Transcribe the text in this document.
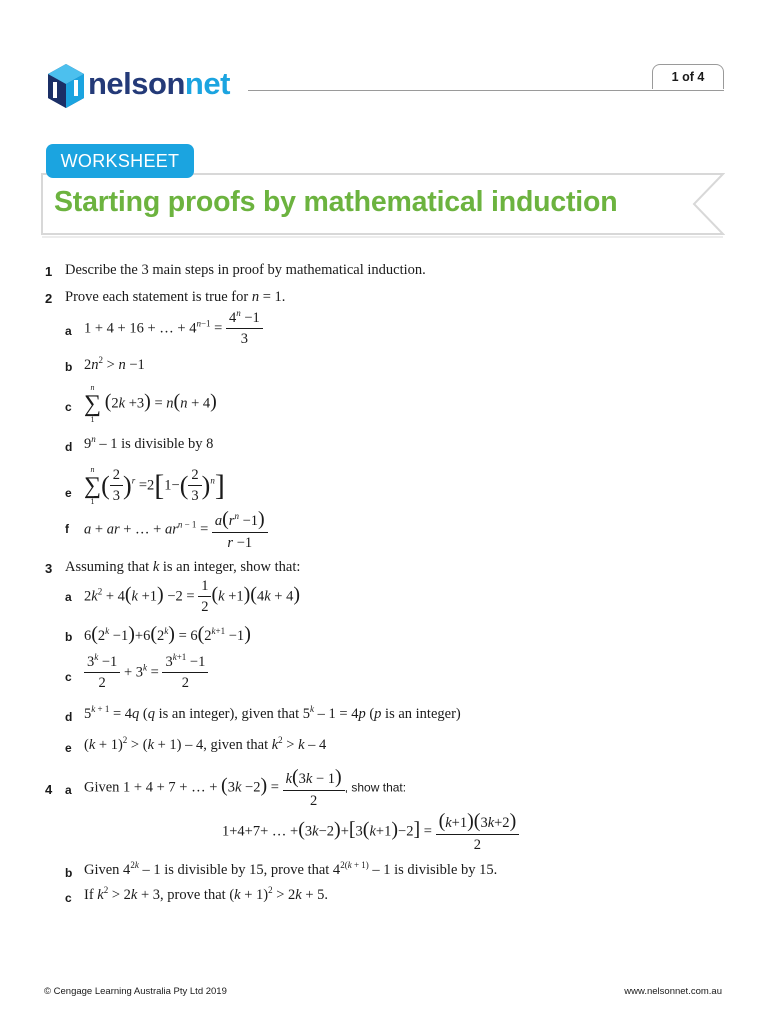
nelsonnet	1 of 4
WORKSHEET
Starting proofs by mathematical induction
1 Describe the 3 main steps in proof by mathematical induction.
2 Prove each statement is true for n = 1.
a 1 + 4 + 16 + … + $4^{n-1} = \frac{4^n -1}{3}$
b $2n^2 > n -1$
c
n
∑
1
(2k +3) = n(n + 4)
d 9$^n$ – 1 is divisible by 8
e
n
∑
1
( $\frac{2}{3} )^r =2[1-( \frac{2}{3} )^n]$
f a + ar + … + $ar^{n - 1} = \frac{a(r^n -1)}{r -1}$
3 Assuming that k is an integer, show that:
a $2k^2 + 4(k +1) -2 = \frac{1}{2} (k +1)(4k + 4)$
b $6(2^k -1)+6(2^k) = 6(2^{k+1} -1)$
c $\frac{3^k -1}{2} + 3^k = \frac{3^{k+1} -1}{2}$
d $5^{k + 1} = 4q$ (q is an integer), given that 5$^k$ – 1 = 4p (p is an integer)
e $(k + 1)^2 > (k + 1) - 4$, given that $k^2 > k - 4$
4 a Given 1 + 4 + 7 + … + $(3k -2) = \frac{k(3k - 1)}{2}$ , show that:
1+4+7+ … $+(3k-2)+[3(k+1)-2] = \frac{(k+1)(3k+2)}{2}$
b Given $4^{2k} - 1$ is divisible by 15, prove that $4^{2(k + 1)} - 1$ is divisible by 15.
c If $k^2 > 2k + 3$, prove that $(k + 1)^2 > 2k + 5$.
© Cengage Learning Australia Pty Ltd 2019	www.nelsonnet.com.au
